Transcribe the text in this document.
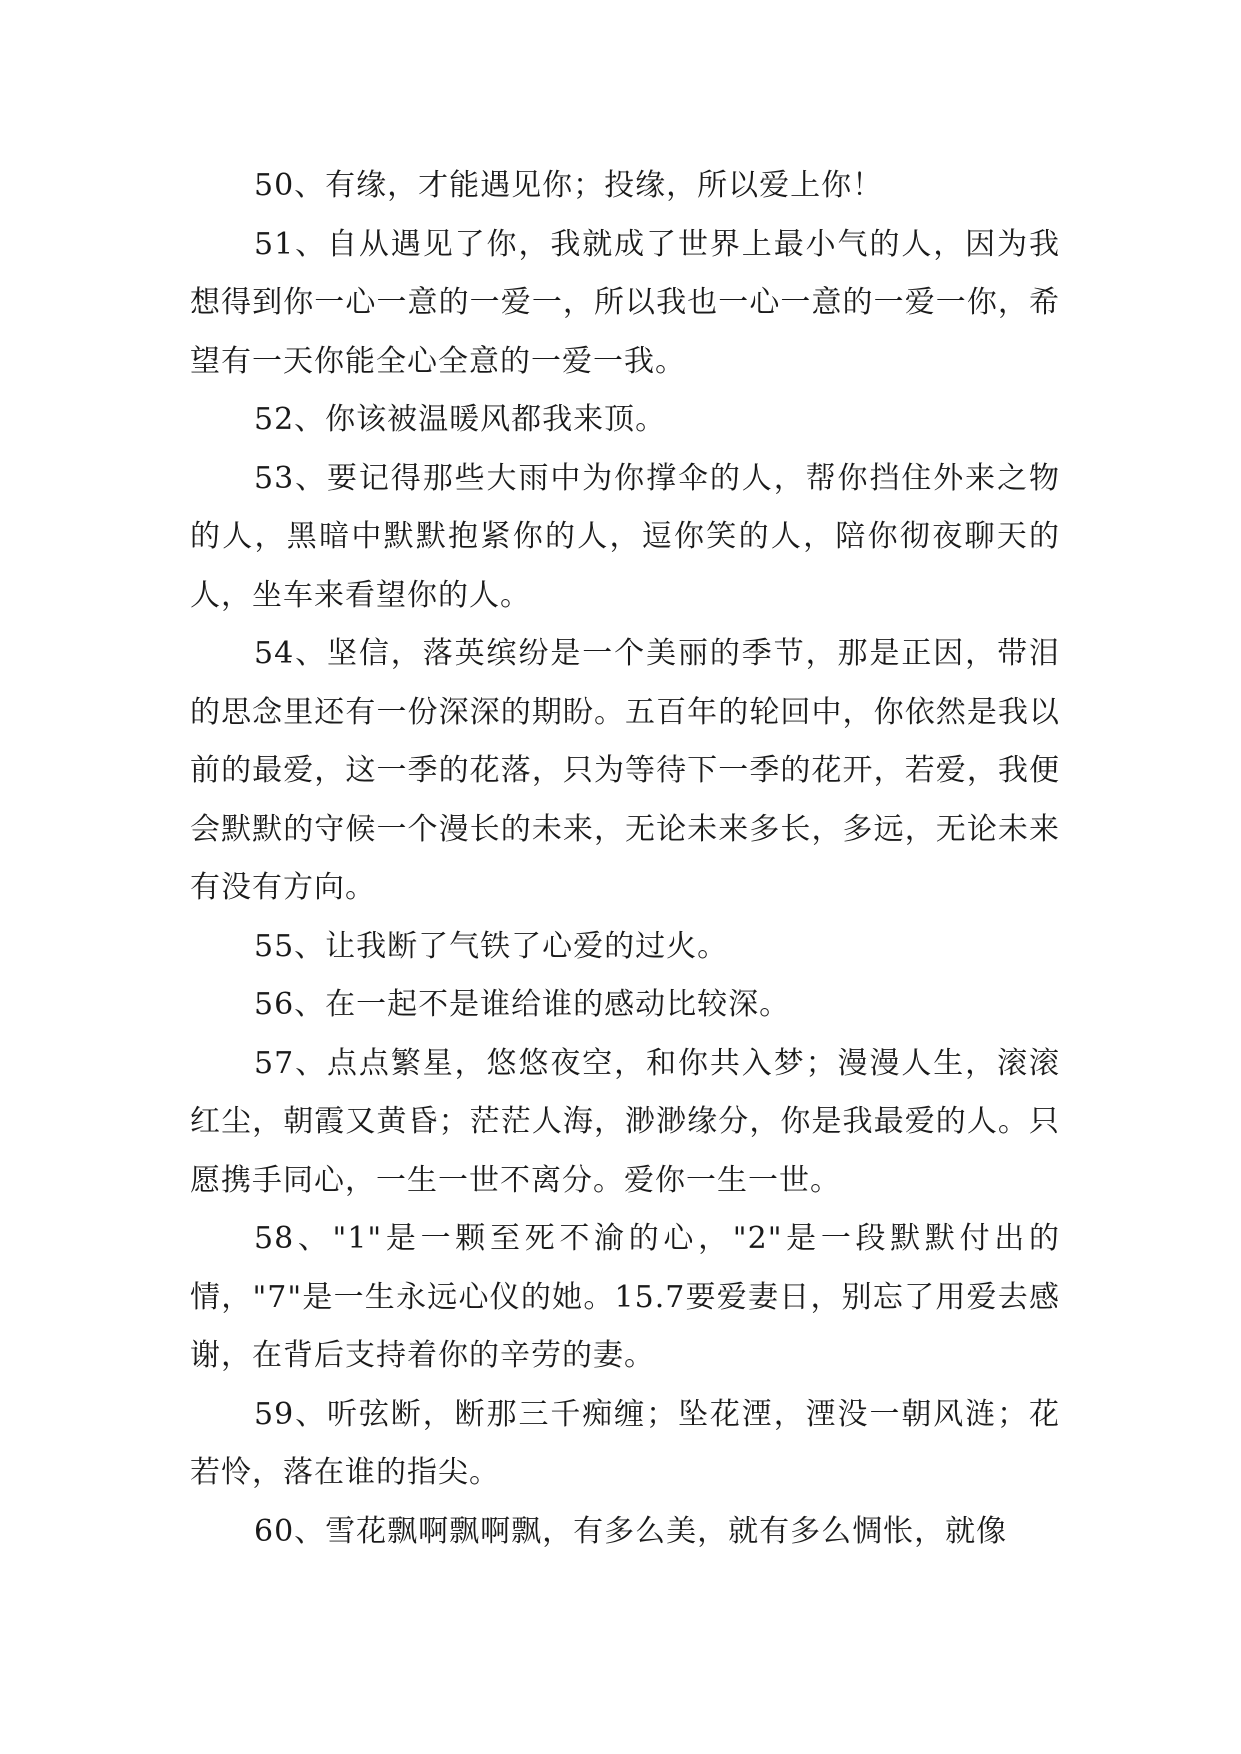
50、有缘，才能遇见你；投缘，所以爱上你！

51、自从遇见了你，我就成了世界上最小气的人，因为我想得到你一心一意的一爱一，所以我也一心一意的一爱一你，希望有一天你能全心全意的一爱一我。

52、你该被温暖风都我来顶。

53、要记得那些大雨中为你撑伞的人，帮你挡住外来之物的人，黑暗中默默抱紧你的人，逗你笑的人，陪你彻夜聊天的人，坐车来看望你的人。

54、坚信，落英缤纷是一个美丽的季节，那是正因，带泪的思念里还有一份深深的期盼。五百年的轮回中，你依然是我以前的最爱，这一季的花落，只为等待下一季的花开，若爱，我便会默默的守候一个漫长的未来，无论未来多长，多远，无论未来有没有方向。

55、让我断了气铁了心爱的过火。

56、在一起不是谁给谁的感动比较深。

57、点点繁星，悠悠夜空，和你共入梦；漫漫人生，滚滚红尘，朝霞又黄昏；茫茫人海，渺渺缘分，你是我最爱的人。只愿携手同心，一生一世不离分。爱你一生一世。

58、"1"是一颗至死不渝的心，"2"是一段默默付出的情，"7"是一生永远心仪的她。15.7要爱妻日，别忘了用爱去感谢，在背后支持着你的辛劳的妻。

59、听弦断，断那三千痴缠；坠花湮，湮没一朝风涟；花若怜，落在谁的指尖。

60、雪花飘啊飘啊飘，有多么美，就有多么惆怅，就像
